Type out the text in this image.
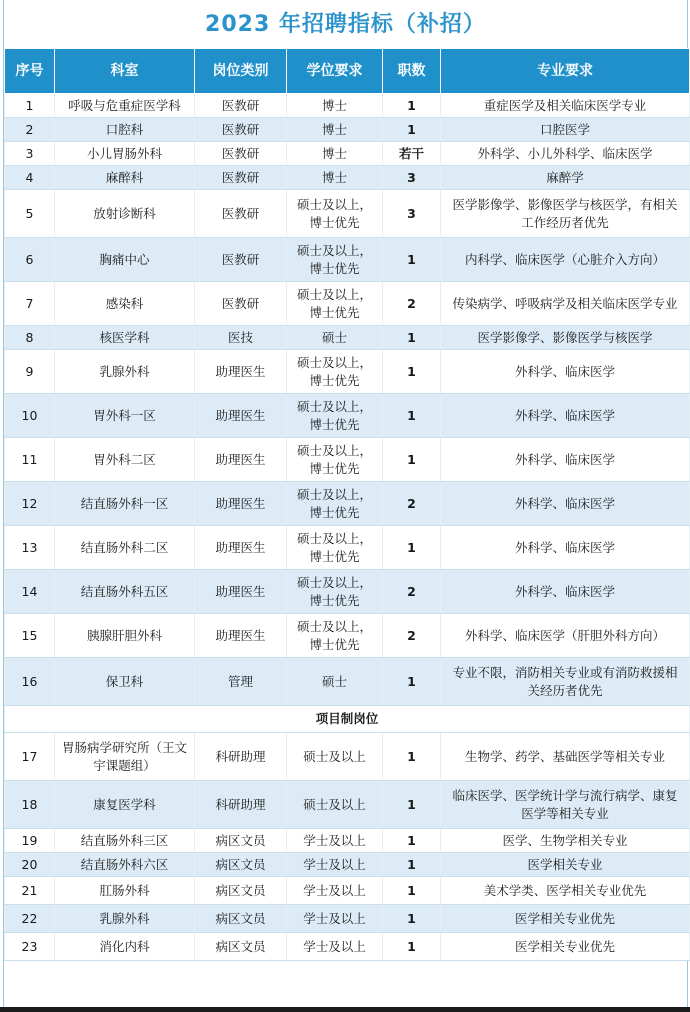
2023 年招聘指标（补招）
序号	科室	岗位类别	学位要求	职数	专业要求
1	呼吸与危重症医学科	医教研	博士	1	重症医学及相关临床医学专业
2	口腔科	医教研	博士	1	口腔医学
3	小儿胃肠外科	医教研	博士	若干	外科学、小儿外科学、临床医学
4	麻醉科	医教研	博士	3	麻醉学
5	放射诊断科	医教研	硕士及以上，博士优先	3	医学影像学、影像医学与核医学，有相关工作经历者优先
6	胸痛中心	医教研	硕士及以上，博士优先	1	内科学、临床医学（心脏介入方向）
7	感染科	医教研	硕士及以上，博士优先	2	传染病学、呼吸病学及相关临床医学专业
8	核医学科	医技	硕士	1	医学影像学、影像医学与核医学
9	乳腺外科	助理医生	硕士及以上，博士优先	1	外科学、临床医学
10	胃外科一区	助理医生	硕士及以上，博士优先	1	外科学、临床医学
11	胃外科二区	助理医生	硕士及以上，博士优先	1	外科学、临床医学
12	结直肠外科一区	助理医生	硕士及以上，博士优先	2	外科学、临床医学
13	结直肠外科二区	助理医生	硕士及以上，博士优先	1	外科学、临床医学
14	结直肠外科五区	助理医生	硕士及以上，博士优先	2	外科学、临床医学
15	胰腺肝胆外科	助理医生	硕士及以上，博士优先	2	外科学、临床医学（肝胆外科方向）
16	保卫科	管理	硕士	1	专业不限，消防相关专业或有消防救援相关经历者优先
项目制岗位					
17	胃肠病学研究所（王文宇课题组）	科研助理	硕士及以上	1	生物学、药学、基础医学等相关专业
18	康复医学科	科研助理	硕士及以上	1	临床医学、医学统计学与流行病学、康复医学等相关专业
19	结直肠外科三区	病区文员	学士及以上	1	医学、生物学相关专业
20	结直肠外科六区	病区文员	学士及以上	1	医学相关专业
21	肛肠外科	病区文员	学士及以上	1	美术学类、医学相关专业优先
22	乳腺外科	病区文员	学士及以上	1	医学相关专业优先
23	消化内科	病区文员	学士及以上	1	医学相关专业优先
